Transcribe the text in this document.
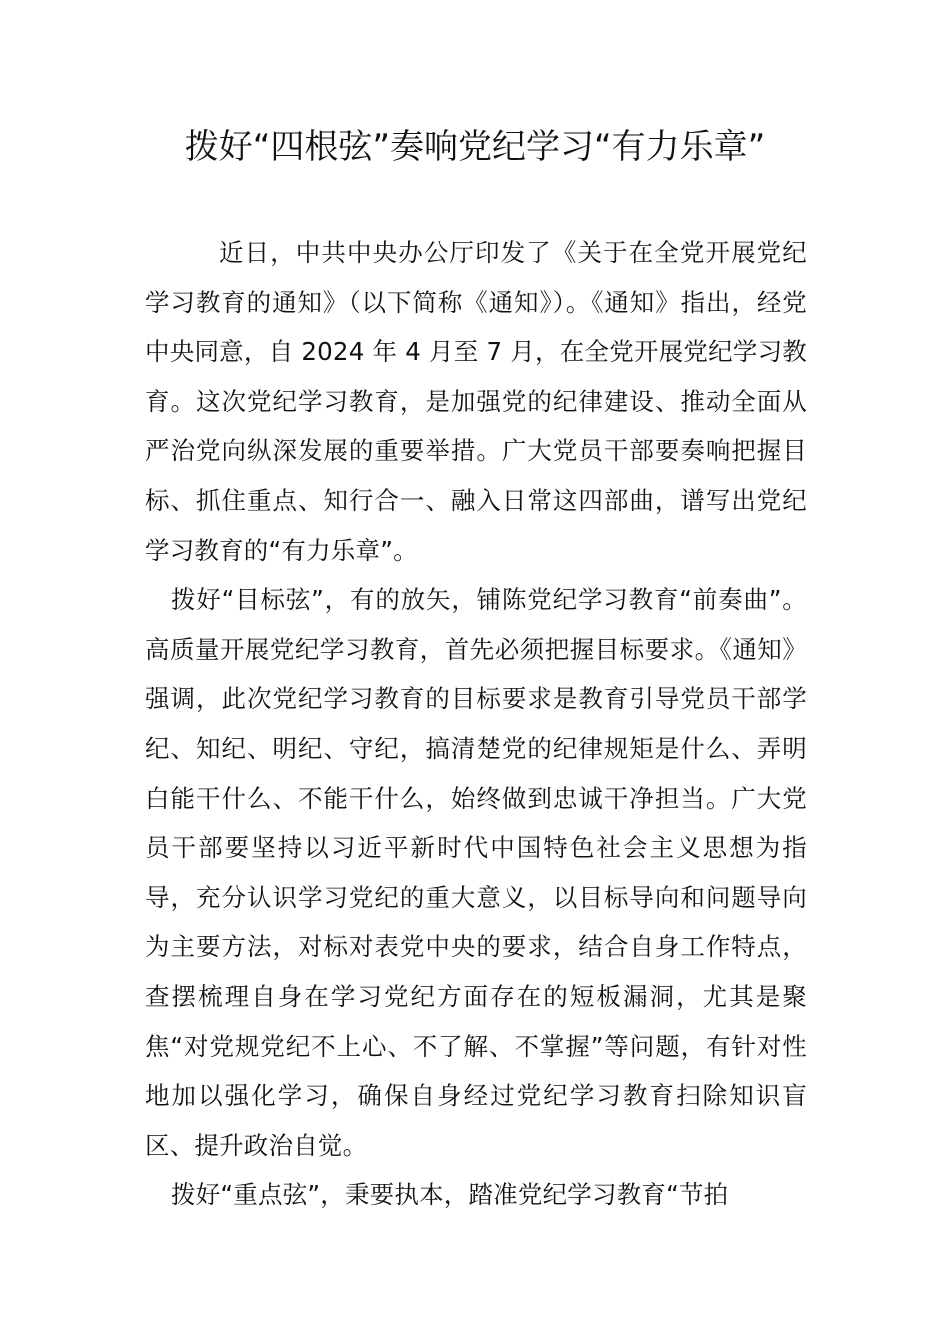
拨好“四根弦”奏响党纪学习“有力乐章”

近日，中共中央办公厅印发了《关于在全党开展党纪学习教育的通知》（以下简称《通知》）。《通知》指出，经党中央同意，自 2024 年 4 月至 7 月，在全党开展党纪学习教育。这次党纪学习教育，是加强党的纪律建设、推动全面从严治党向纵深发展的重要举措。广大党员干部要奏响把握目标、抓住重点、知行合一、融入日常这四部曲，谱写出党纪学习教育的“有力乐章”。

拨好“目标弦”，有的放矢，铺陈党纪学习教育“前奏曲”。高质量开展党纪学习教育，首先必须把握目标要求。《通知》强调，此次党纪学习教育的目标要求是教育引导党员干部学纪、知纪、明纪、守纪，搞清楚党的纪律规矩是什么、弄明白能干什么、不能干什么，始终做到忠诚干净担当。广大党员干部要坚持以习近平新时代中国特色社会主义思想为指导，充分认识学习党纪的重大意义，以目标导向和问题导向为主要方法，对标对表党中央的要求，结合自身工作特点，查摆梳理自身在学习党纪方面存在的短板漏洞，尤其是聚焦“对党规党纪不上心、不了解、不掌握”等问题，有针对性地加以强化学习，确保自身经过党纪学习教育扫除知识盲区、提升政治自觉。

拨好“重点弦”，秉要执本，踏准党纪学习教育“节拍
